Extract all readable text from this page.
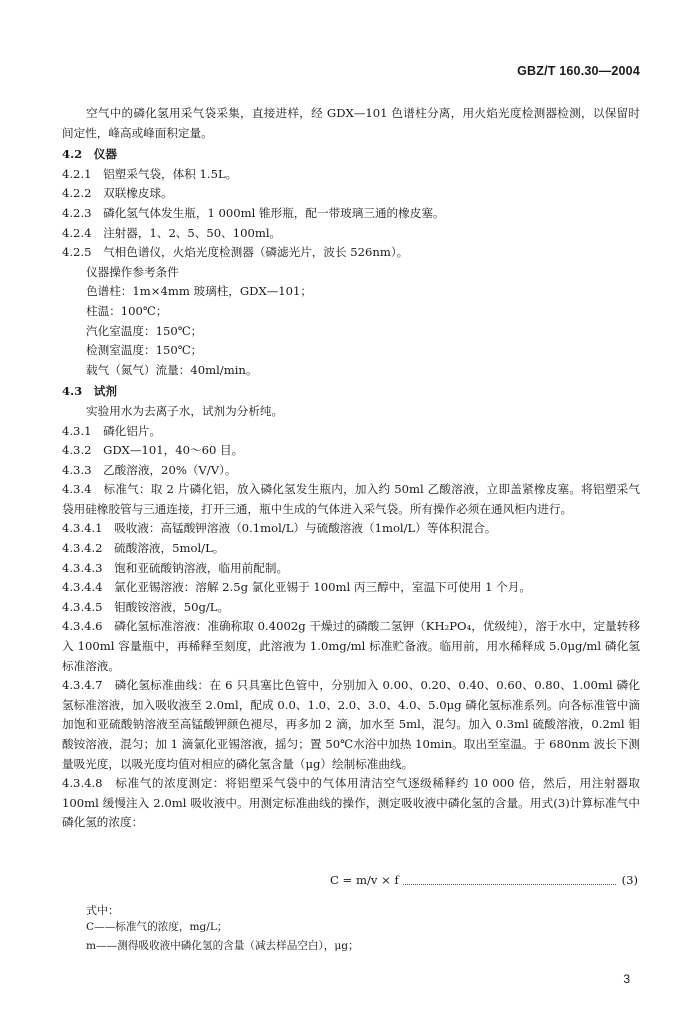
GBZ/T 160.30—2004

空气中的磷化氢用采气袋采集，直接进样，经 GDX—101 色谱柱分离，用火焰光度检测器检测，以保留时间定性，峰高或峰面积定量。

4.2　仪器

4.2.1　铝塑采气袋，体积 1.5L。

4.2.2　双联橡皮球。

4.2.3　磷化氢气体发生瓶，1 000ml 锥形瓶，配一带玻璃三通的橡皮塞。

4.2.4　注射器，1、2、5、50、100ml。

4.2.5　气相色谱仪，火焰光度检测器（磷滤光片，波长 526nm）。

仪器操作参考条件

色谱柱：1m×4mm 玻璃柱，GDX—101；

柱温：100℃；

汽化室温度：150℃；

检测室温度：150℃；

载气（氮气）流量：40ml/min。

4.3　试剂

实验用水为去离子水，试剂为分析纯。

4.3.1　磷化铝片。

4.3.2　GDX—101，40～60 目。

4.3.3　乙酸溶液，20%（V/V）。

4.3.4　标准气：取 2 片磷化铝，放入磷化氢发生瓶内，加入约 50ml 乙酸溶液，立即盖紧橡皮塞。将铝塑采气袋用硅橡胶管与三通连接，打开三通，瓶中生成的气体进入采气袋。所有操作必须在通风柜内进行。

4.3.4.1　吸收液：高锰酸钾溶液（0.1mol/L）与硫酸溶液（1mol/L）等体积混合。

4.3.4.2　硫酸溶液，5mol/L。

4.3.4.3　饱和亚硫酸钠溶液，临用前配制。

4.3.4.4　氯化亚锡溶液：溶解 2.5g 氯化亚锡于 100ml 丙三醇中，室温下可使用 1 个月。

4.3.4.5　钼酸铵溶液，50g/L。

4.3.4.6　磷化氢标准溶液：准确称取 0.4002g 干燥过的磷酸二氢钾（KH₂PO₄，优级纯），溶于水中，定量转移入 100ml 容量瓶中，再稀释至刻度，此溶液为 1.0mg/ml 标准贮备液。临用前，用水稀释成 5.0μg/ml 磷化氢标准溶液。

4.3.4.7　磷化氢标准曲线：在 6 只具塞比色管中，分别加入 0.00、0.20、0.40、0.60、0.80、1.00ml 磷化氢标准溶液，加入吸收液至 2.0ml，配成 0.0、1.0、2.0、3.0、4.0、5.0μg 磷化氢标准系列。向各标准管中滴加饱和亚硫酸钠溶液至高锰酸钾颜色褪尽，再多加 2 滴，加水至 5ml，混匀。加入 0.3ml 硫酸溶液，0.2ml 钼酸铵溶液，混匀；加 1 滴氯化亚锡溶液，摇匀；置 50℃水浴中加热 10min。取出至室温。于 680nm 波长下测量吸光度，以吸光度均值对相应的磷化氢含量（μg）绘制标准曲线。

4.3.4.8　标准气的浓度测定：将铝塑采气袋中的气体用清洁空气逐级稀释约 10 000 倍，然后，用注射器取 100ml 缓慢注入 2.0ml 吸收液中。用测定标准曲线的操作，测定吸收液中磷化氢的含量。用式(3)计算标准气中磷化氢的浓度：

C = m/v × f	(3)
式中：
C——标准气的浓度，mg/L；
m——测得吸收液中磷化氢的含量（减去样品空白），μg；
3
